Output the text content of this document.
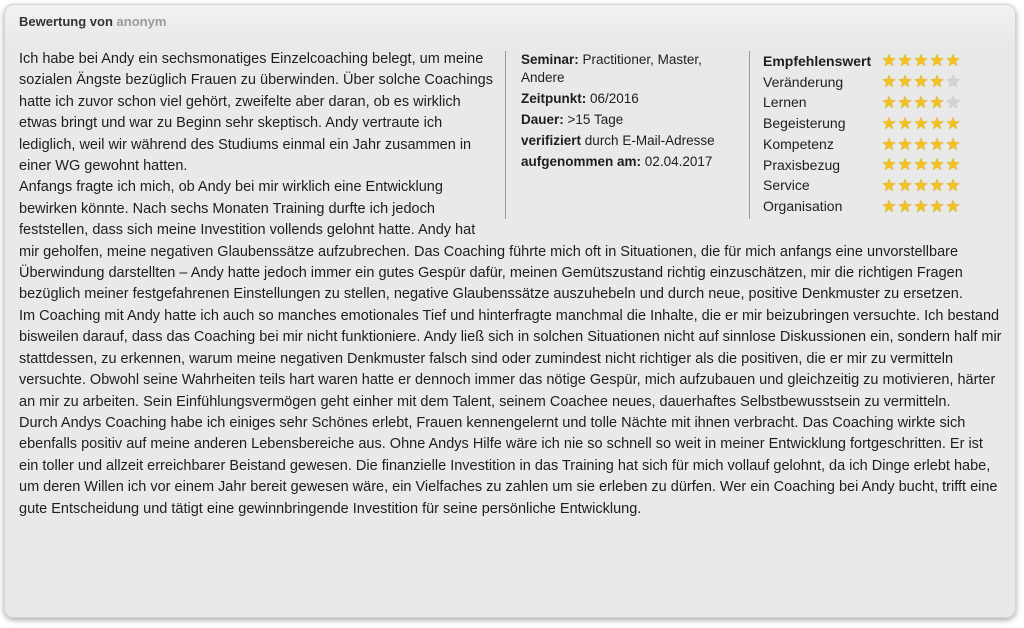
Bewertung von anonym
Seminar: Practitioner, Master, Andere
Zeitpunkt: 06/2016
Dauer: >15 Tage
verifiziert durch E-Mail-Adresse
aufgenommen am: 02.04.2017
Empfehlenswert ★ ★ ★ ★ ★
Veränderung	★ ★ ★ ★ ★
Lernen	★ ★ ★ ★ ★
Begeisterung	★ ★ ★ ★ ★
Kompetenz	★ ★ ★ ★ ★
Praxisbezug	★ ★ ★ ★ ★
Service	★ ★ ★ ★ ★
Organisation	★ ★ ★ ★ ★

Ich habe bei Andy ein sechsmonatiges Einzelcoaching belegt, um meine sozialen Ängste bezüglich Frauen zu überwinden. Über solche Coachings hatte ich zuvor schon viel gehört, zweifelte aber daran, ob es wirklich etwas bringt und war zu Beginn sehr skeptisch. Andy vertraute ich lediglich, weil wir während des Studiums einmal ein Jahr zusammen in einer WG gewohnt hatten.

Anfangs fragte ich mich, ob Andy bei mir wirklich eine Entwicklung bewirken könnte. Nach sechs Monaten Training durfte ich jedoch feststellen, dass sich meine Investition vollends gelohnt hatte. Andy hat mir geholfen, meine negativen Glaubenssätze aufzubrechen. Das Coaching führte mich oft in Situationen, die für mich anfangs eine unvorstellbare Überwindung darstellten – Andy hatte jedoch immer ein gutes Gespür dafür, meinen Gemütszustand richtig einzuschätzen, mir die richtigen Fragen bezüglich meiner festgefahrenen Einstellungen zu stellen, negative Glaubenssätze auszuhebeln und durch neue, positive Denkmuster zu ersetzen.

Im Coaching mit Andy hatte ich auch so manches emotionales Tief und hinterfragte manchmal die Inhalte, die er mir beizubringen versuchte. Ich bestand bisweilen darauf, dass das Coaching bei mir nicht funktioniere. Andy ließ sich in solchen Situationen nicht auf sinnlose Diskussionen ein, sondern half mir stattdessen, zu erkennen, warum meine negativen Denkmuster falsch sind oder zumindest nicht richtiger als die positiven, die er mir zu vermitteln versuchte. Obwohl seine Wahrheiten teils hart waren hatte er dennoch immer das nötige Gespür, mich aufzubauen und gleichzeitig zu motivieren, härter an mir zu arbeiten. Sein Einfühlungsvermögen geht einher mit dem Talent, seinem Coachee neues, dauerhaftes Selbstbewusstsein zu vermitteln.

Durch Andys Coaching habe ich einiges sehr Schönes erlebt, Frauen kennengelernt und tolle Nächte mit ihnen verbracht. Das Coaching wirkte sich ebenfalls positiv auf meine anderen Lebensbereiche aus. Ohne Andys Hilfe wäre ich nie so schnell so weit in meiner Entwicklung fortgeschritten. Er ist ein toller und allzeit erreichbarer Beistand gewesen. Die finanzielle Investition in das Training hat sich für mich vollauf gelohnt, da ich Dinge erlebt habe, um deren Willen ich vor einem Jahr bereit gewesen wäre, ein Vielfaches zu zahlen um sie erleben zu dürfen. Wer ein Coaching bei Andy bucht, trifft eine gute Entscheidung und tätigt eine gewinnbringende Investition für seine persönliche Entwicklung.
